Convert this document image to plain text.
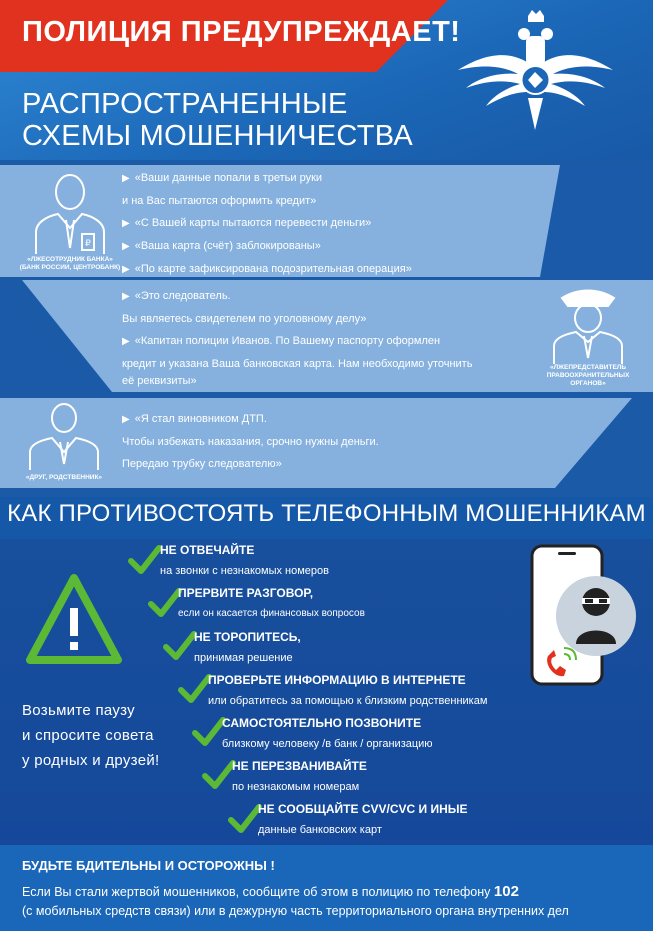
ПОЛИЦИЯ ПРЕДУПРЕЖДАЕТ!
РАСПРОСТРАНЕННЫЕ
СХЕМЫ МОШЕННИЧЕСТВА
₽
«ЛЖЕСОТРУДНИК БАНКА»
(БАНК РОССИИ, ЦЕНТРОБАНК)
▶ «Ваши данные попали в третьи руки
и на Вас пытаются оформить кредит»
▶ «С Вашей карты пытаются перевести деньги»
▶ «Ваша карта (счёт) заблокированы»
▶ «По карте зафиксирована подозрительная операция»
«ЛЖЕПРЕДСТАВИТЕЛЬ
ПРАВООХРАНИТЕЛЬНЫХ
ОРГАНОВ»
▶ «Это следователь.
Вы являетесь свидетелем по уголовному делу»
▶ «Капитан полиции Иванов. По Вашему паспорту оформлен
кредит и указана Ваша банковская карта. Нам необходимо уточнить
её реквизиты»
«ДРУГ, РОДСТВЕННИК»
▶ «Я стал виновником ДТП.
Чтобы избежать наказания, срочно нужны деньги.
Передаю трубку следователю»
КАК ПРОТИВОСТОЯТЬ ТЕЛЕФОННЫМ МОШЕННИКАМ
Возьмите паузу
и спросите совета
у родных и друзей!
НЕ ОТВЕЧАЙТЕ
на звонки с незнакомых номеров
ПРЕРВИТЕ РАЗГОВОР,
если он касается финансовых вопросов
НЕ ТОРОПИТЕСЬ,
принимая решение
ПРОВЕРЬТЕ ИНФОРМАЦИЮ В ИНТЕРНЕТЕ
или обратитесь за помощью к близким родственникам
САМОСТОЯТЕЛЬНО ПОЗВОНИТЕ
близкому человеку /в банк / организацию
НЕ ПЕРЕЗВАНИВАЙТЕ
по незнакомым номерам
НЕ СООБЩАЙТЕ CVV/CVC И ИНЫЕ
данные банковских карт
БУДЬТЕ БДИТЕЛЬНЫ И ОСТОРОЖНЫ !
Если Вы стали жертвой мошенников, сообщите об этом в полицию по телефону 102
(с мобильных средств связи) или в дежурную часть территориального органа внутренних дел
